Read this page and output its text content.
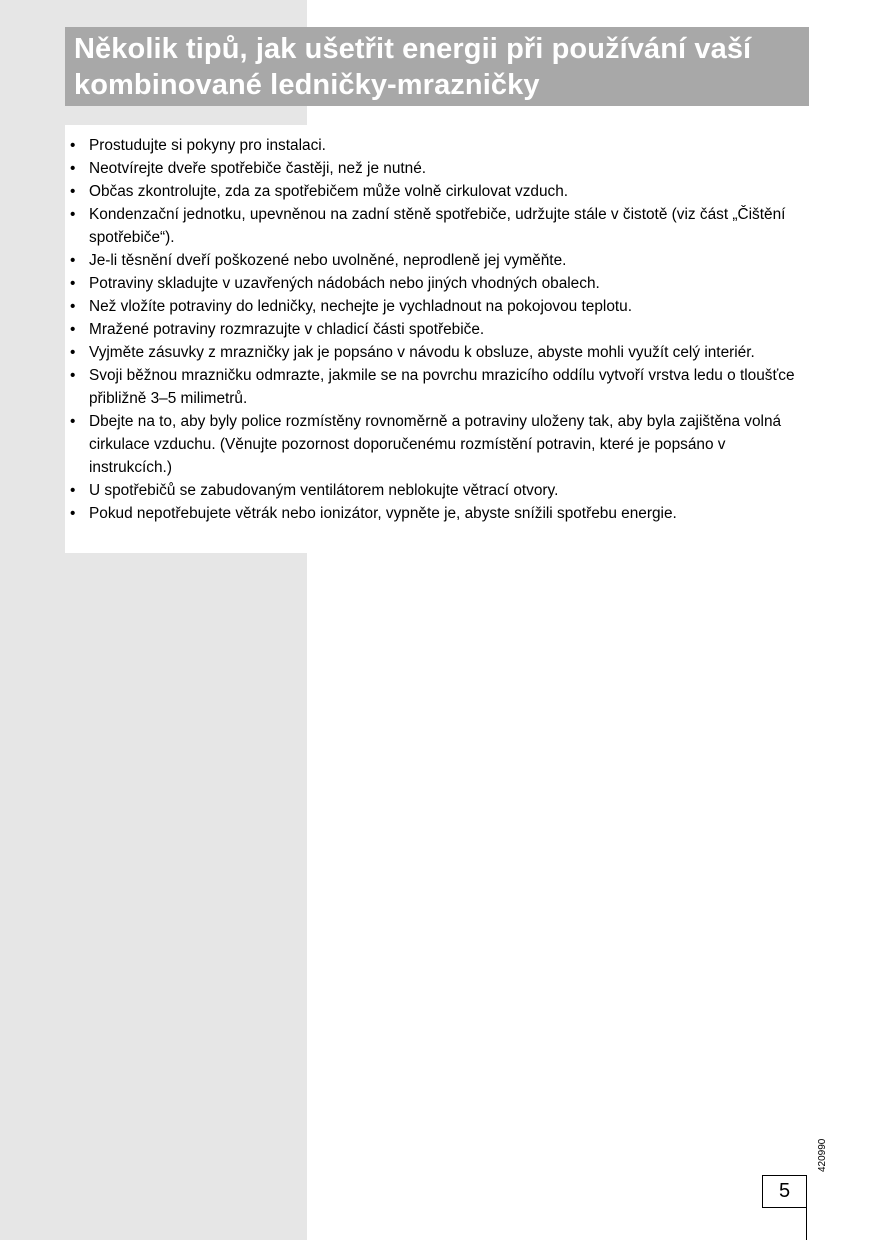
Několik tipů, jak ušetřit energii při používání vaší kombinované ledničky-mrazničky
• Prostudujte si pokyny pro instalaci.
• Neotvírejte dveře spotřebiče častěji, než je nutné.
• Občas zkontrolujte, zda za spotřebičem může volně cirkulovat vzduch.
• Kondenzační jednotku, upevněnou na zadní stěně spotřebiče, udržujte stále v čistotě (viz část „Čištění spotřebiče“).
• Je-li těsnění dveří poškozené nebo uvolněné, neprodleně jej vyměňte.
• Potraviny skladujte v uzavřených nádobách nebo jiných vhodných obalech.
• Než vložíte potraviny do ledničky, nechejte je vychladnout na pokojovou teplotu.
• Mražené potraviny rozmrazujte v chladicí části spotřebiče.
• Vyjměte zásuvky z mrazničky jak je popsáno v návodu k obsluze, abyste mohli využít celý interiér.
• Svoji běžnou mrazničku odmrazte, jakmile se na povrchu mrazicího oddílu vytvoří vrstva ledu o tloušťce přibližně 3–5 milimetrů.
• Dbejte na to, aby byly police rozmístěny rovnoměrně a potraviny uloženy tak, aby byla zajištěna volná cirkulace vzduchu. (Věnujte pozornost doporučenému rozmístění potravin, které je popsáno v instrukcích.)
• U spotřebičů se zabudovaným ventilátorem neblokujte větrací otvory.
• Pokud nepotřebujete větrák nebo ionizátor, vypněte je, abyste snížili spotřebu energie.
420990
5
